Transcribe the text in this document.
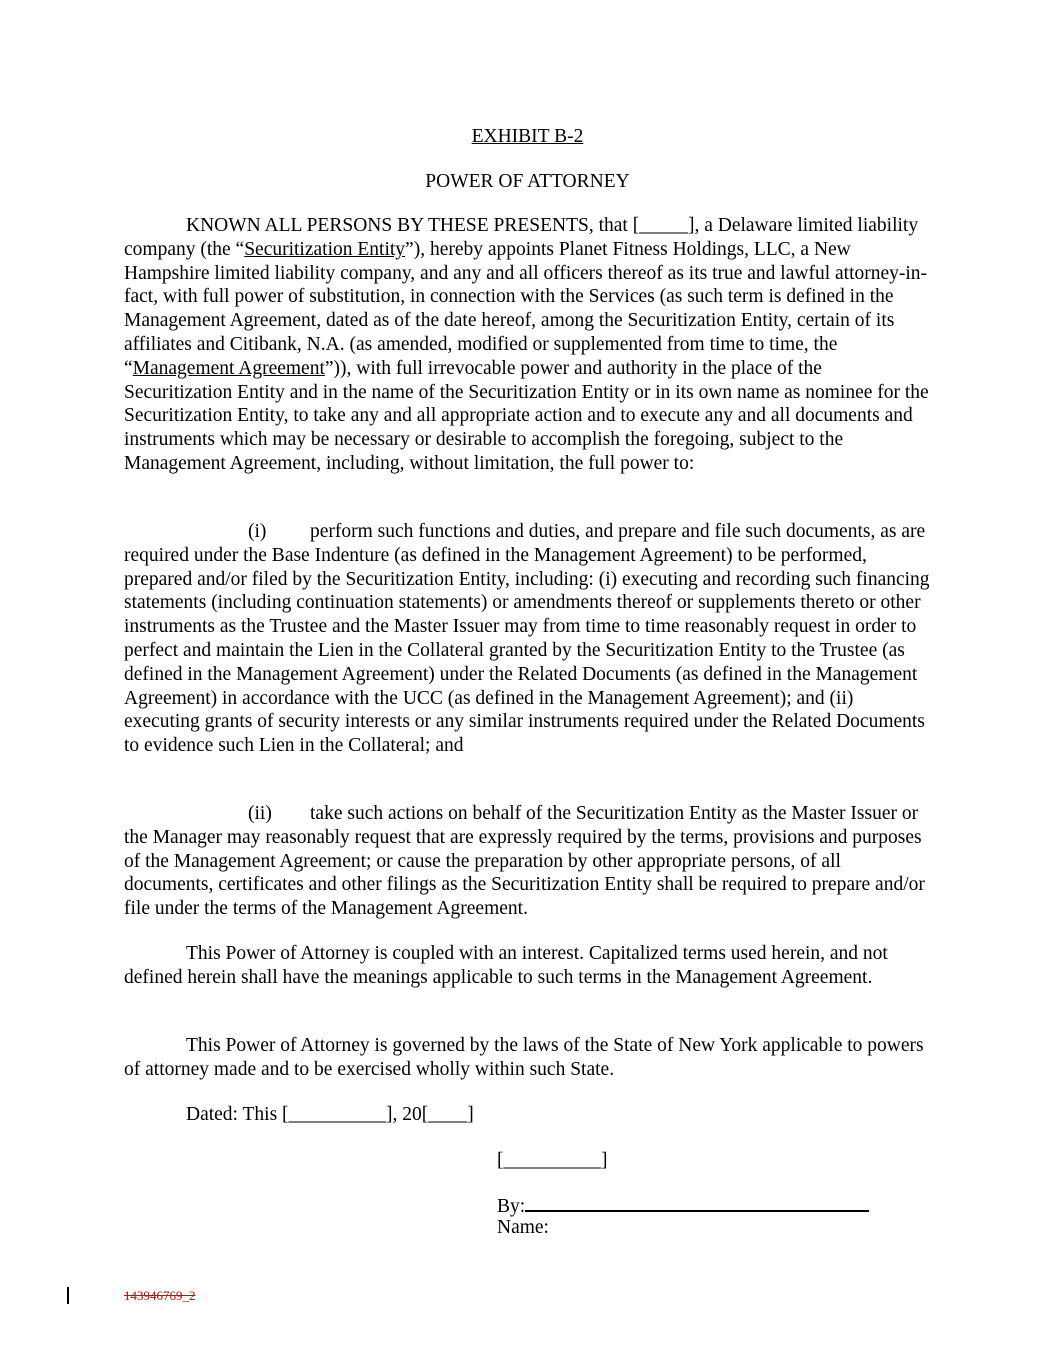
EXHIBIT B-2
POWER OF ATTORNEY

KNOWN ALL PERSONS BY THESE PRESENTS, that [_____], a Delaware limited liability company (the “Securitization Entity”), hereby appoints Planet Fitness Holdings, LLC, a New Hampshire limited liability company, and any and all officers thereof as its true and lawful attorney-in-fact, with full power of substitution, in connection with the Services (as such term is defined in the Management Agreement, dated as of the date hereof, among the Securitization Entity, certain of its affiliates and Citibank, N.A. (as amended, modified or supplemented from time to time, the “Management Agreement”)), with full irrevocable power and authority in the place of the Securitization Entity and in the name of the Securitization Entity or in its own name as nominee for the Securitization Entity, to take any and all appropriate action and to execute any and all documents and instruments which may be necessary or desirable to accomplish the foregoing, subject to the Management Agreement, including, without limitation, the full power to:

(i) perform such functions and duties, and prepare and file such documents, as are required under the Base Indenture (as defined in the Management Agreement) to be performed, prepared and/or filed by the Securitization Entity, including: (i) executing and recording such financing statements (including continuation statements) or amendments thereof or supplements thereto or other instruments as the Trustee and the Master Issuer may from time to time reasonably request in order to perfect and maintain the Lien in the Collateral granted by the Securitization Entity to the Trustee (as defined in the Management Agreement) under the Related Documents (as defined in the Management Agreement) in accordance with the UCC (as defined in the Management Agreement); and (ii) executing grants of security interests or any similar instruments required under the Related Documents to evidence such Lien in the Collateral; and

(ii) take such actions on behalf of the Securitization Entity as the Master Issuer or the Manager may reasonably request that are expressly required by the terms, provisions and purposes of the Management Agreement; or cause the preparation by other appropriate persons, of all documents, certificates and other filings as the Securitization Entity shall be required to prepare and/or file under the terms of the Management Agreement.

This Power of Attorney is coupled with an interest. Capitalized terms used herein, and not defined herein shall have the meanings applicable to such terms in the Management Agreement.

This Power of Attorney is governed by the laws of the State of New York applicable to powers of attorney made and to be exercised wholly within such State.

Dated: This [__________], 20[____]
[__________]
By:
Name:
143946769_2
